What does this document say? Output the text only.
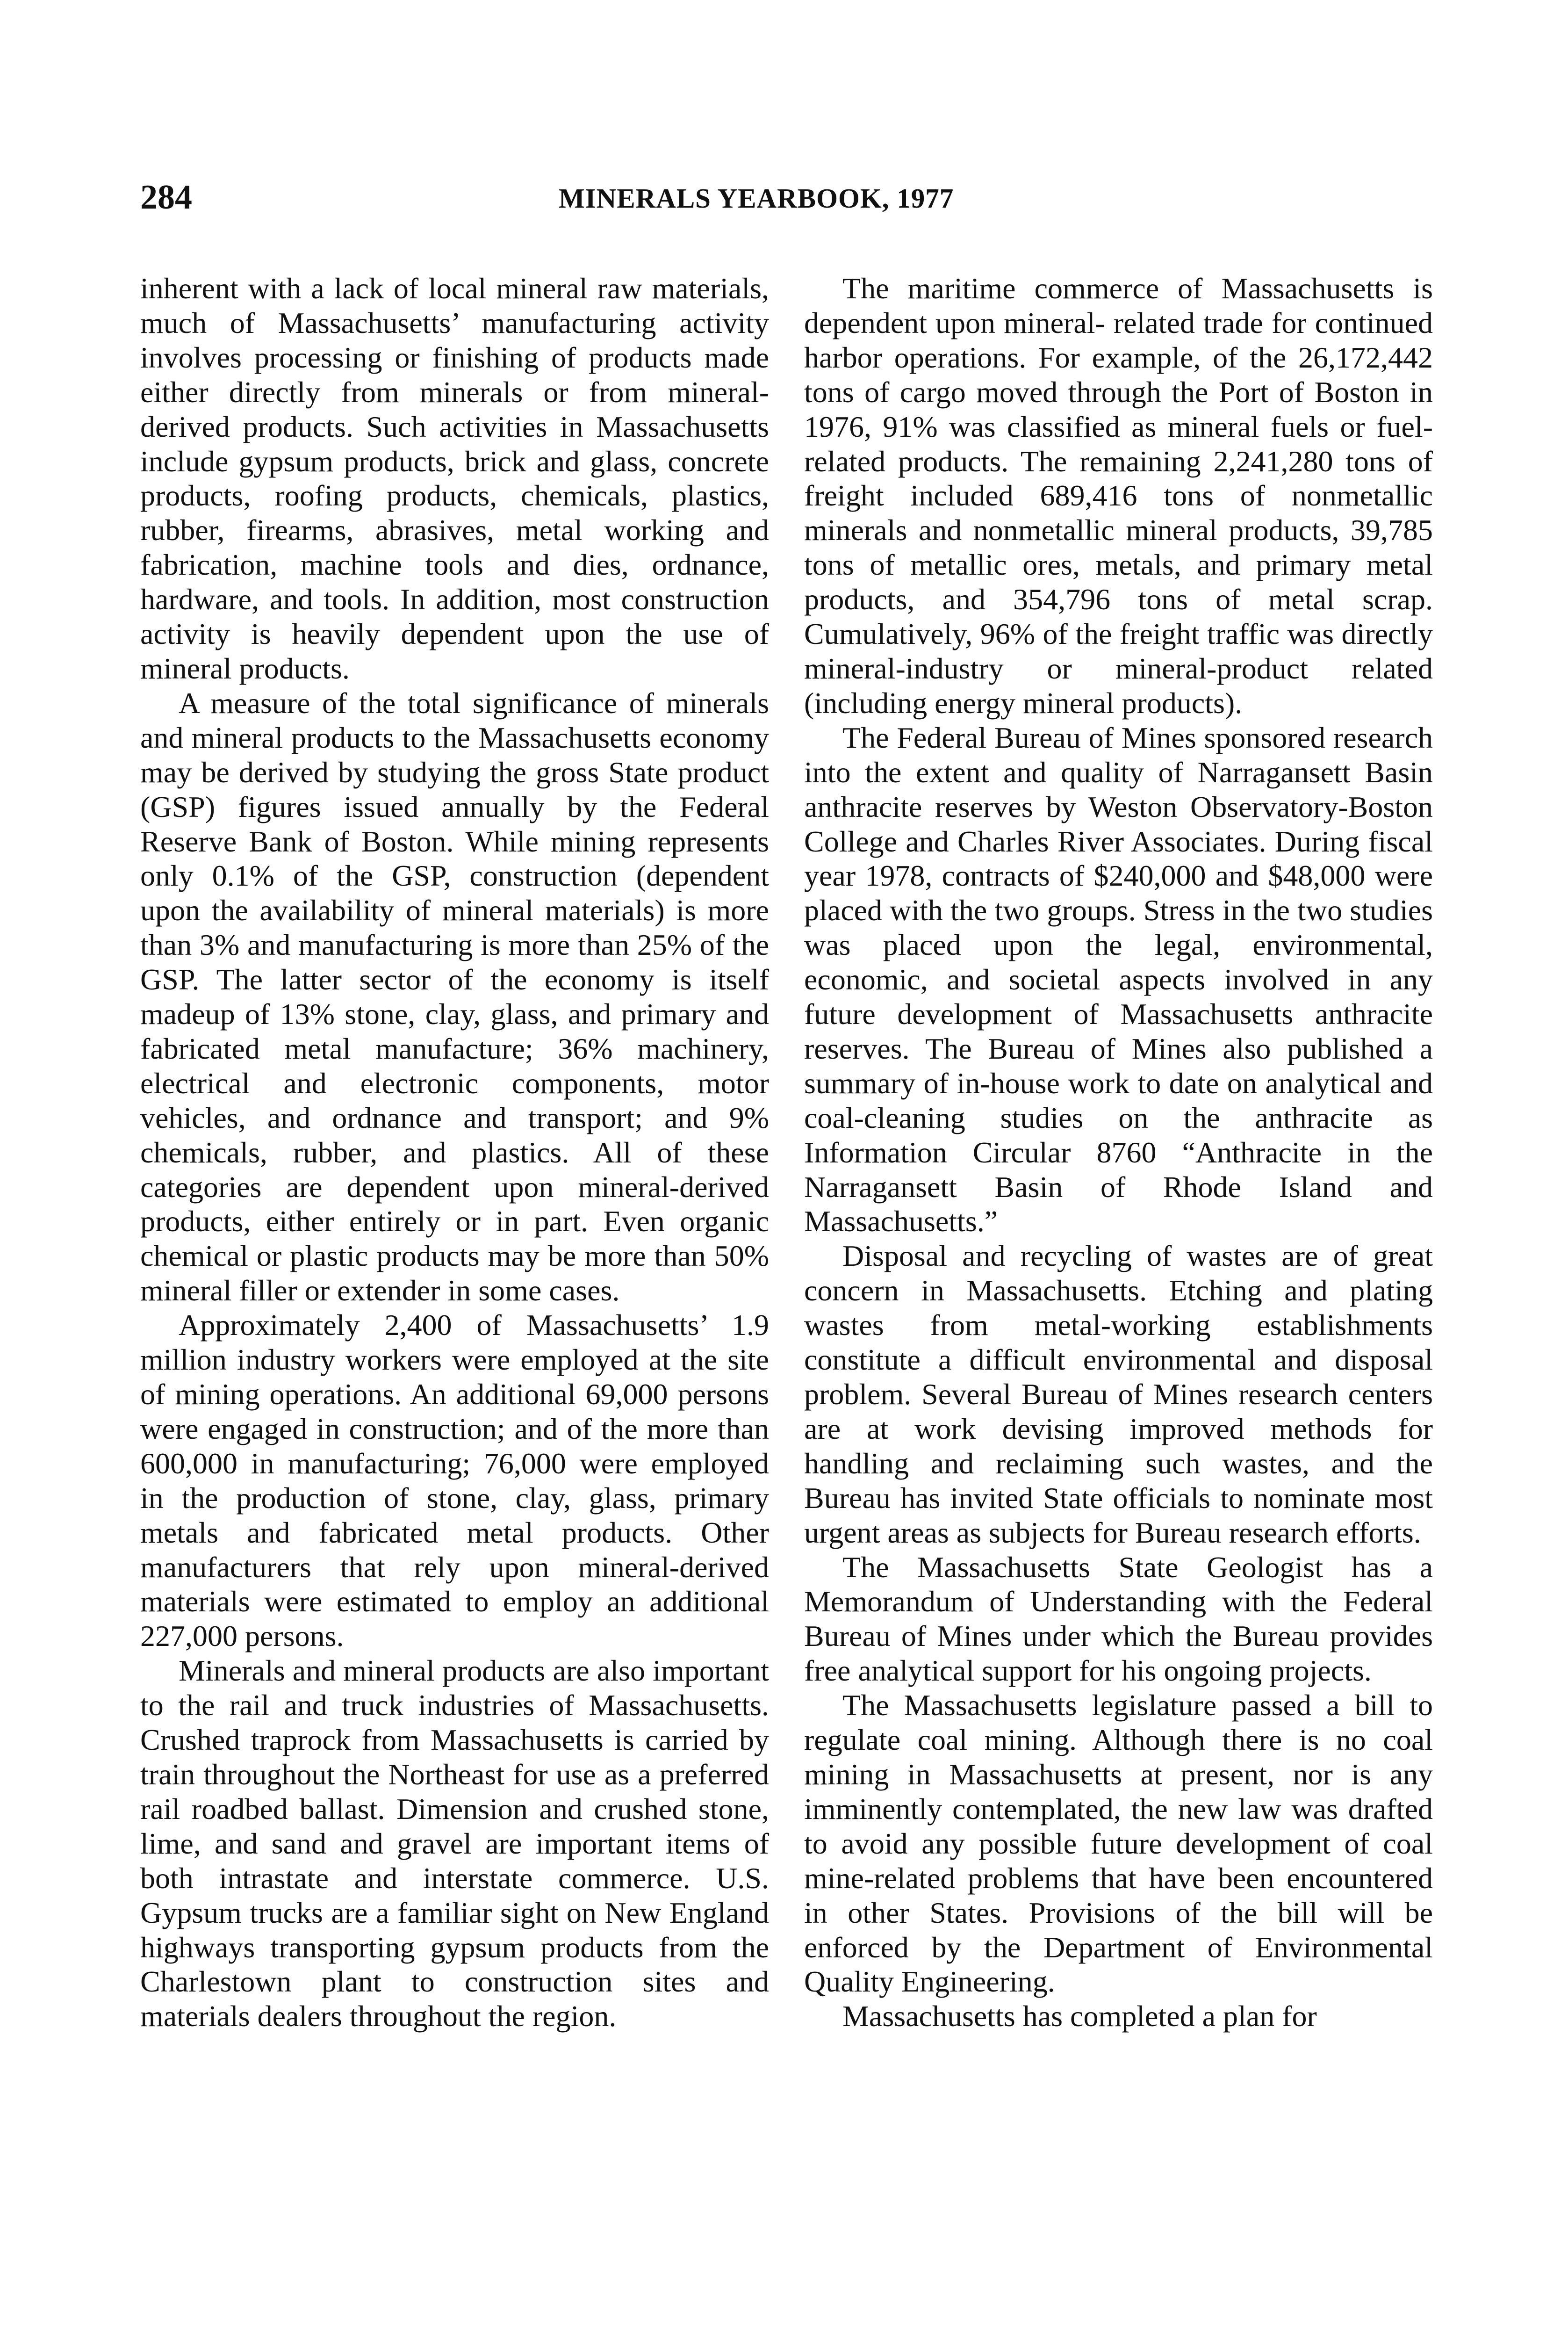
284	MINERALS YEARBOOK, 1977

inherent with a lack of local mineral raw materials, much of Massachusetts’ manufacturing activity involves processing or finishing of products made either directly from minerals or from mineral-derived products. Such activities in Massachusetts include gypsum products, brick and glass, concrete products, roofing products, chemicals, plastics, rubber, firearms, abrasives, metal working and fabrication, machine tools and dies, ordnance, hardware, and tools. In addition, most construction activity is heavily dependent upon the use of mineral products.

A measure of the total significance of minerals and mineral products to the Massachusetts economy may be derived by studying the gross State product (GSP) figures issued annually by the Federal Reserve Bank of Boston. While mining represents only 0.1% of the GSP, construction (dependent upon the availability of mineral materials) is more than 3% and manufacturing is more than 25% of the GSP. The latter sector of the economy is itself madeup of 13% stone, clay, glass, and primary and fabricated metal manufacture; 36% machinery, electrical and electronic components, motor vehicles, and ordnance and transport; and 9% chemicals, rubber, and plastics. All of these categories are dependent upon mineral-derived products, either entirely or in part. Even organic chemical or plastic products may be more than 50% mineral filler or extender in some cases.

Approximately 2,400 of Massachusetts’ 1.9 million industry workers were employed at the site of mining operations. An additional 69,000 persons were engaged in construction; and of the more than 600,000 in manufacturing; 76,000 were employed in the production of stone, clay, glass, primary metals and fabricated metal products. Other manufacturers that rely upon mineral-derived materials were estimated to employ an additional 227,000 persons.

Minerals and mineral products are also important to the rail and truck industries of Massachusetts. Crushed traprock from Massachusetts is carried by train throughout the Northeast for use as a preferred rail roadbed ballast. Dimension and crushed stone, lime, and sand and gravel are important items of both intrastate and interstate commerce. U.S. Gypsum trucks are a familiar sight on New England highways transporting gypsum products from the Charlestown plant to construction sites and materials dealers throughout the region.

The maritime commerce of Massachusetts is dependent upon mineral- related trade for continued harbor operations. For example, of the 26,172,442 tons of cargo moved through the Port of Boston in 1976, 91% was classified as mineral fuels or fuel-related products. The remaining 2,241,280 tons of freight included 689,416 tons of nonmetallic minerals and nonmetallic mineral products, 39,785 tons of metallic ores, metals, and primary metal products, and 354,796 tons of metal scrap. Cumulatively, 96% of the freight traffic was directly mineral-industry or mineral-product related (including energy mineral products).

The Federal Bureau of Mines sponsored research into the extent and quality of Narragansett Basin anthracite reserves by Weston Observatory-Boston College and Charles River Associates. During fiscal year 1978, contracts of $240,000 and $48,000 were placed with the two groups. Stress in the two studies was placed upon the legal, environmental, economic, and societal aspects involved in any future development of Massachusetts anthracite reserves. The Bureau of Mines also published a summary of in-house work to date on analytical and coal-cleaning studies on the anthracite as Information Circular 8760 “Anthracite in the Narragansett Basin of Rhode Island and Massachusetts.”

Disposal and recycling of wastes are of great concern in Massachusetts. Etching and plating wastes from metal-working establishments constitute a difficult environmental and disposal problem. Several Bureau of Mines research centers are at work devising improved methods for handling and reclaiming such wastes, and the Bureau has invited State officials to nominate most urgent areas as subjects for Bureau research efforts.

The Massachusetts State Geologist has a Memorandum of Understanding with the Federal Bureau of Mines under which the Bureau provides free analytical support for his ongoing projects.

The Massachusetts legislature passed a bill to regulate coal mining. Although there is no coal mining in Massachusetts at present, nor is any imminently contemplated, the new law was drafted to avoid any possible future development of coal mine-related problems that have been encountered in other States. Provisions of the bill will be enforced by the Department of Environmental Quality Engineering.

Massachusetts has completed a plan for
